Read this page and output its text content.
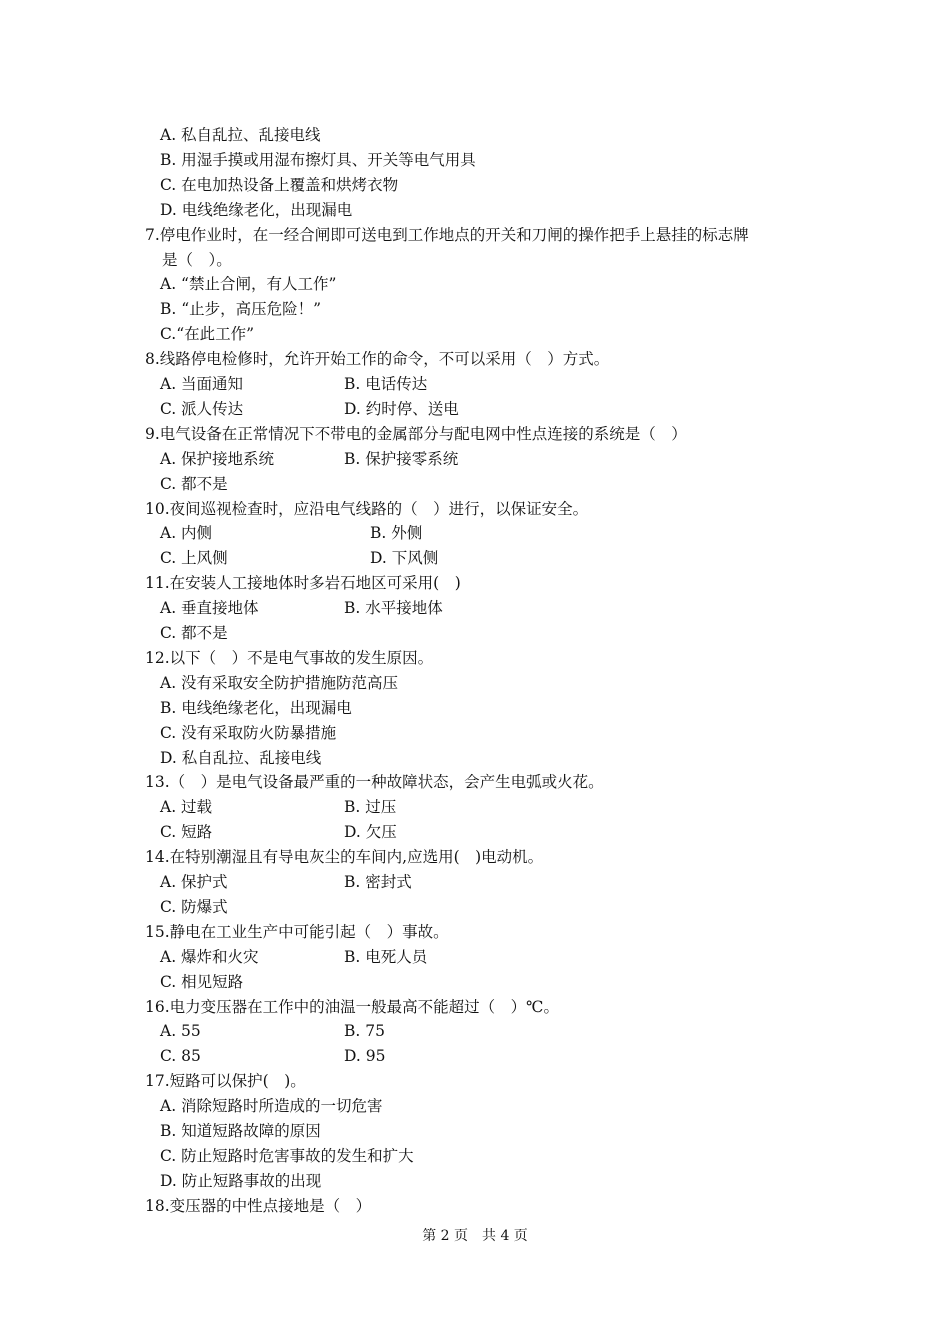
A. 私自乱拉、乱接电线
B. 用湿手摸或用湿布擦灯具、开关等电气用具
C. 在电加热设备上覆盖和烘烤衣物
D. 电线绝缘老化，出现漏电
7.停电作业时，在一经合闸即可送电到工作地点的开关和刀闸的操作把手上悬挂的标志牌
是（　）。
A. “禁止合闸，有人工作”
B. “止步，高压危险！”
C.“在此工作”
8.线路停电检修时，允许开始工作的命令，不可以采用（　）方式。
A. 当面通知	B. 电话传达
C. 派人传达	D. 约时停、送电
9.电气设备在正常情况下不带电的金属部分与配电网中性点连接的系统是（　）
A. 保护接地系统	B. 保护接零系统
C. 都不是
10.夜间巡视检查时，应沿电气线路的（　）进行，以保证安全。
A. 内侧	B. 外侧
C. 上风侧	D. 下风侧
11.在安装人工接地体时多岩石地区可采用(　)
A. 垂直接地体	B. 水平接地体
C. 都不是
12.以下（　）不是电气事故的发生原因。
A. 没有采取安全防护措施防范高压
B. 电线绝缘老化，出现漏电
C. 没有采取防火防暴措施
D. 私自乱拉、乱接电线
13.（　）是电气设备最严重的一种故障状态，会产生电弧或火花。
A. 过载	B. 过压
C. 短路	D. 欠压
14.在特别潮湿且有导电灰尘的车间内,应选用(　)电动机。
A. 保护式	B. 密封式
C. 防爆式
15.静电在工业生产中可能引起（　）事故。
A. 爆炸和火灾	B. 电死人员
C. 相见短路
16.电力变压器在工作中的油温一般最高不能超过（　）℃。
A. 55	B. 75
C. 85	D. 95
17.短路可以保护(　)。
A. 消除短路时所造成的一切危害
B. 知道短路故障的原因
C. 防止短路时危害事故的发生和扩大
D. 防止短路事故的出现
18.变压器的中性点接地是（　）
第 2 页　 共 4 页
